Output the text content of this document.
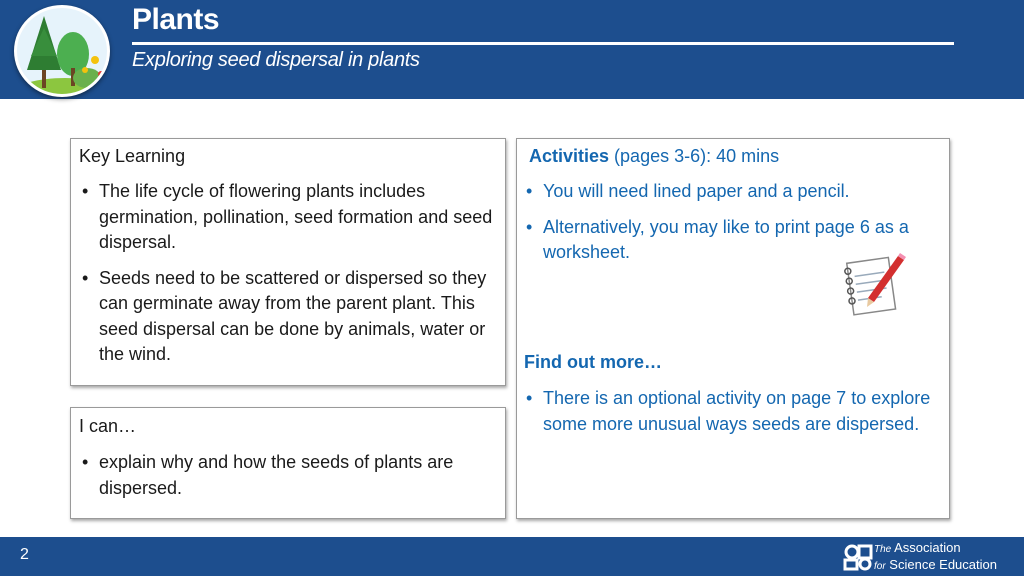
Plants
Exploring seed dispersal in plants
Key Learning
• The life cycle of flowering plants includes germination, pollination, seed formation and seed dispersal.
• Seeds need to be scattered or dispersed so they can germinate away from the parent plant. This seed dispersal can be done by animals, water or the wind.
I can…
• explain why and how the seeds of plants are dispersed.
Activities (pages 3-6): 40 mins
• You will need lined paper and a pencil.
• Alternatively, you may like to print page 6 as a worksheet.
Find out more…
• There is an optional activity on page 7 to explore some more unusual ways seeds are dispersed.
2	The Association
for Science Education
